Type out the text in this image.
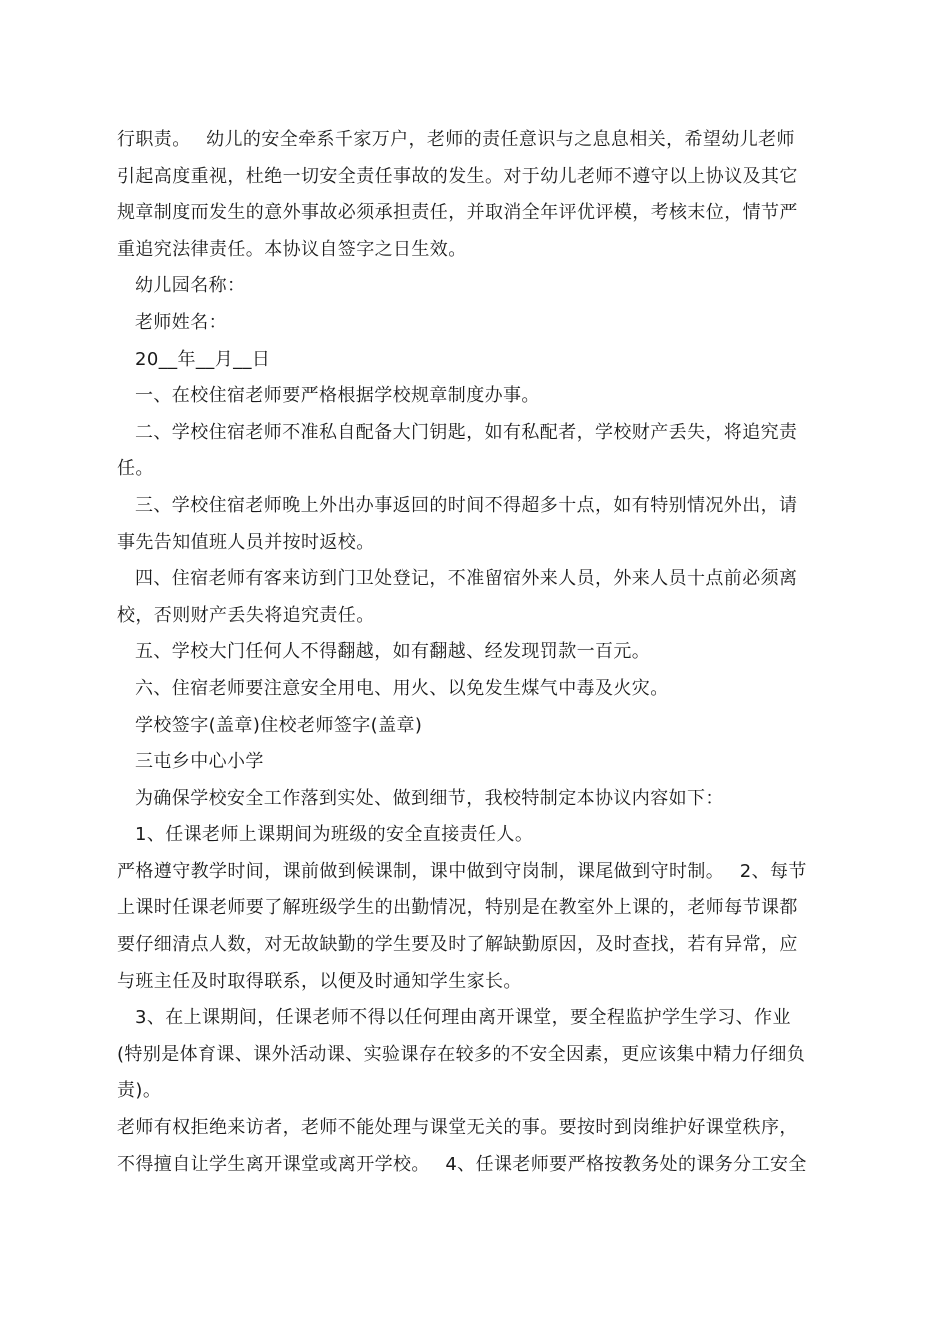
行职责。　 幼儿的安全牵系千家万户，老师的责任意识与之息息相关，希望幼儿老师
引起高度重视，杜绝一切安全责任事故的发生。对于幼儿老师不遵守以上协议及其它
规章制度而发生的意外事故必须承担责任，并取消全年评优评模，考核末位，情节严
重追究法律责任。本协议自签字之日生效。
幼儿园名称：
老师姓名：
20__年__月__日
一、在校住宿老师要严格根据学校规章制度办事。
二、学校住宿老师不准私自配备大门钥匙，如有私配者，学校财产丢失，将追究责
任。
三、学校住宿老师晚上外出办事返回的时间不得超多十点，如有特别情况外出，请
事先告知值班人员并按时返校。
四、住宿老师有客来访到门卫处登记，不准留宿外来人员，外来人员十点前必须离
校，否则财产丢失将追究责任。
五、学校大门任何人不得翻越，如有翻越、经发现罚款一百元。
六、住宿老师要注意安全用电、用火、以免发生煤气中毒及火灾。
学校签字(盖章)住校老师签字(盖章)
三屯乡中心小学
为确保学校安全工作落到实处、做到细节，我校特制定本协议内容如下：
1、任课老师上课期间为班级的安全直接责任人。
严格遵守教学时间，课前做到候课制，课中做到守岗制，课尾做到守时制。　 2、每节
上课时任课老师要了解班级学生的出勤情况，特别是在教室外上课的，老师每节课都
要仔细清点人数，对无故缺勤的学生要及时了解缺勤原因，及时查找，若有异常，应
与班主任及时取得联系，以便及时通知学生家长。
3、在上课期间，任课老师不得以任何理由离开课堂，要全程监护学生学习、作业
(特别是体育课、课外活动课、实验课存在较多的不安全因素，更应该集中精力仔细负
责)。
老师有权拒绝来访者，老师不能处理与课堂无关的事。要按时到岗维护好课堂秩序，
不得擅自让学生离开课堂或离开学校。　 4、任课老师要严格按教务处的课务分工安全
